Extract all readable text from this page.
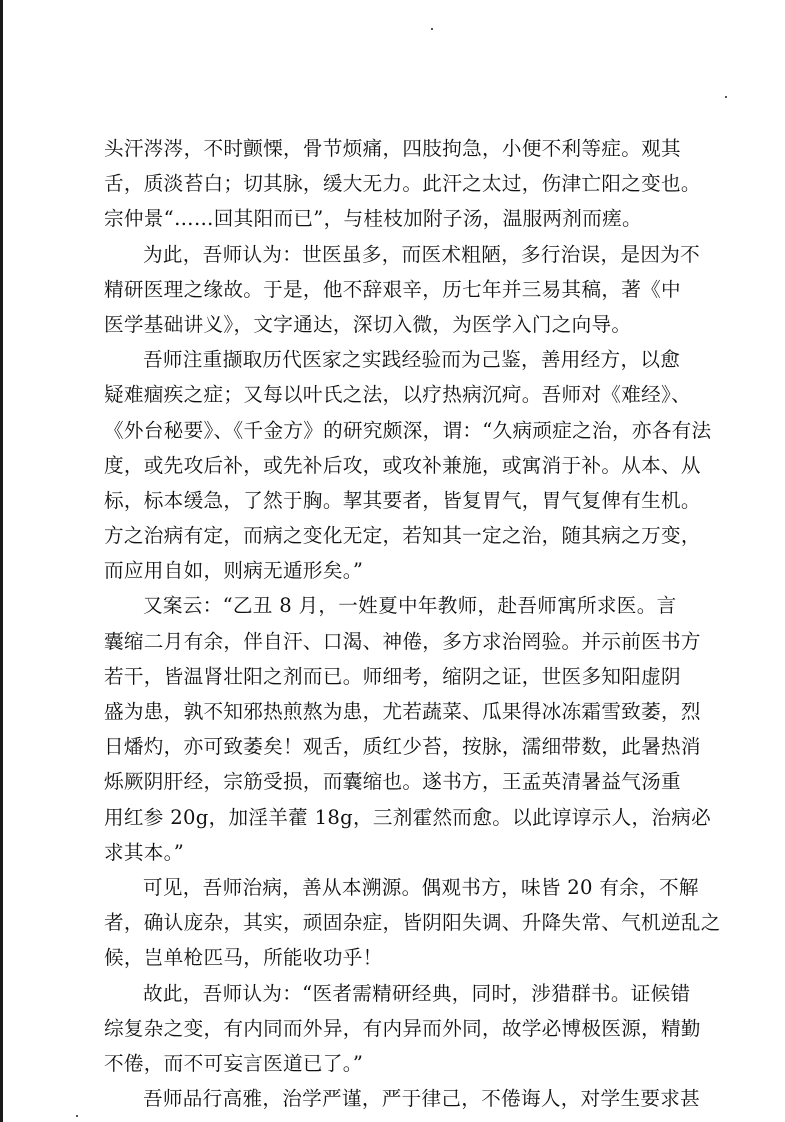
头汗涔涔，不时颤慄，骨节烦痛，四肢拘急，小便不利等症。观其
舌，质淡苔白；切其脉，缓大无力。此汗之太过，伤津亡阳之变也。
宗仲景“……回其阳而已”，与桂枝加附子汤，温服两剂而瘥。
为此，吾师认为：世医虽多，而医术粗陋，多行治误，是因为不
精研医理之缘故。于是，他不辞艰辛，历七年并三易其稿，著《中
医学基础讲义》，文字通达，深切入微，为医学入门之向导。
吾师注重撷取历代医家之实践经验而为己鉴，善用经方，以愈
疑难痼疾之症；又每以叶氏之法，以疗热病沉疴。吾师对《难经》、
《外台秘要》、《千金方》的研究颇深，谓：“久病顽症之治，亦各有法
度，或先攻后补，或先补后攻，或攻补兼施，或寓消于补。从本、从
标，标本缓急，了然于胸。挈其要者，皆复胃气，胃气复俾有生机。
方之治病有定，而病之变化无定，若知其一定之治，随其病之万变，
而应用自如，则病无遁形矣。”
又案云：“乙丑 8 月，一姓夏中年教师，赴吾师寓所求医。言
囊缩二月有余，伴自汗、口渴、神倦，多方求治罔验。并示前医书方
若干，皆温肾壮阳之剂而已。师细考，缩阴之证，世医多知阳虚阴
盛为患，孰不知邪热煎熬为患，尤若蔬菜、瓜果得冰冻霜雪致萎，烈
日燔灼，亦可致萎矣！观舌，质红少苔，按脉，濡细带数，此暑热消
烁厥阴肝经，宗筋受损，而囊缩也。遂书方，王孟英清暑益气汤重
用红参 20g，加淫羊藿 18g，三剂霍然而愈。以此谆谆示人，治病必
求其本。”
可见，吾师治病，善从本溯源。偶观书方，味皆 20 有余，不解
者，确认庞杂，其实，顽固杂症，皆阴阳失调、升降失常、气机逆乱之
候，岂单枪匹马，所能收功乎！
故此，吾师认为：“医者需精研经典，同时，涉猎群书。证候错
综复杂之变，有内同而外异，有内异而外同，故学必博极医源，精勤
不倦，而不可妄言医道已了。”
吾师品行高雅，治学严谨，严于律己，不倦诲人，对学生要求甚
